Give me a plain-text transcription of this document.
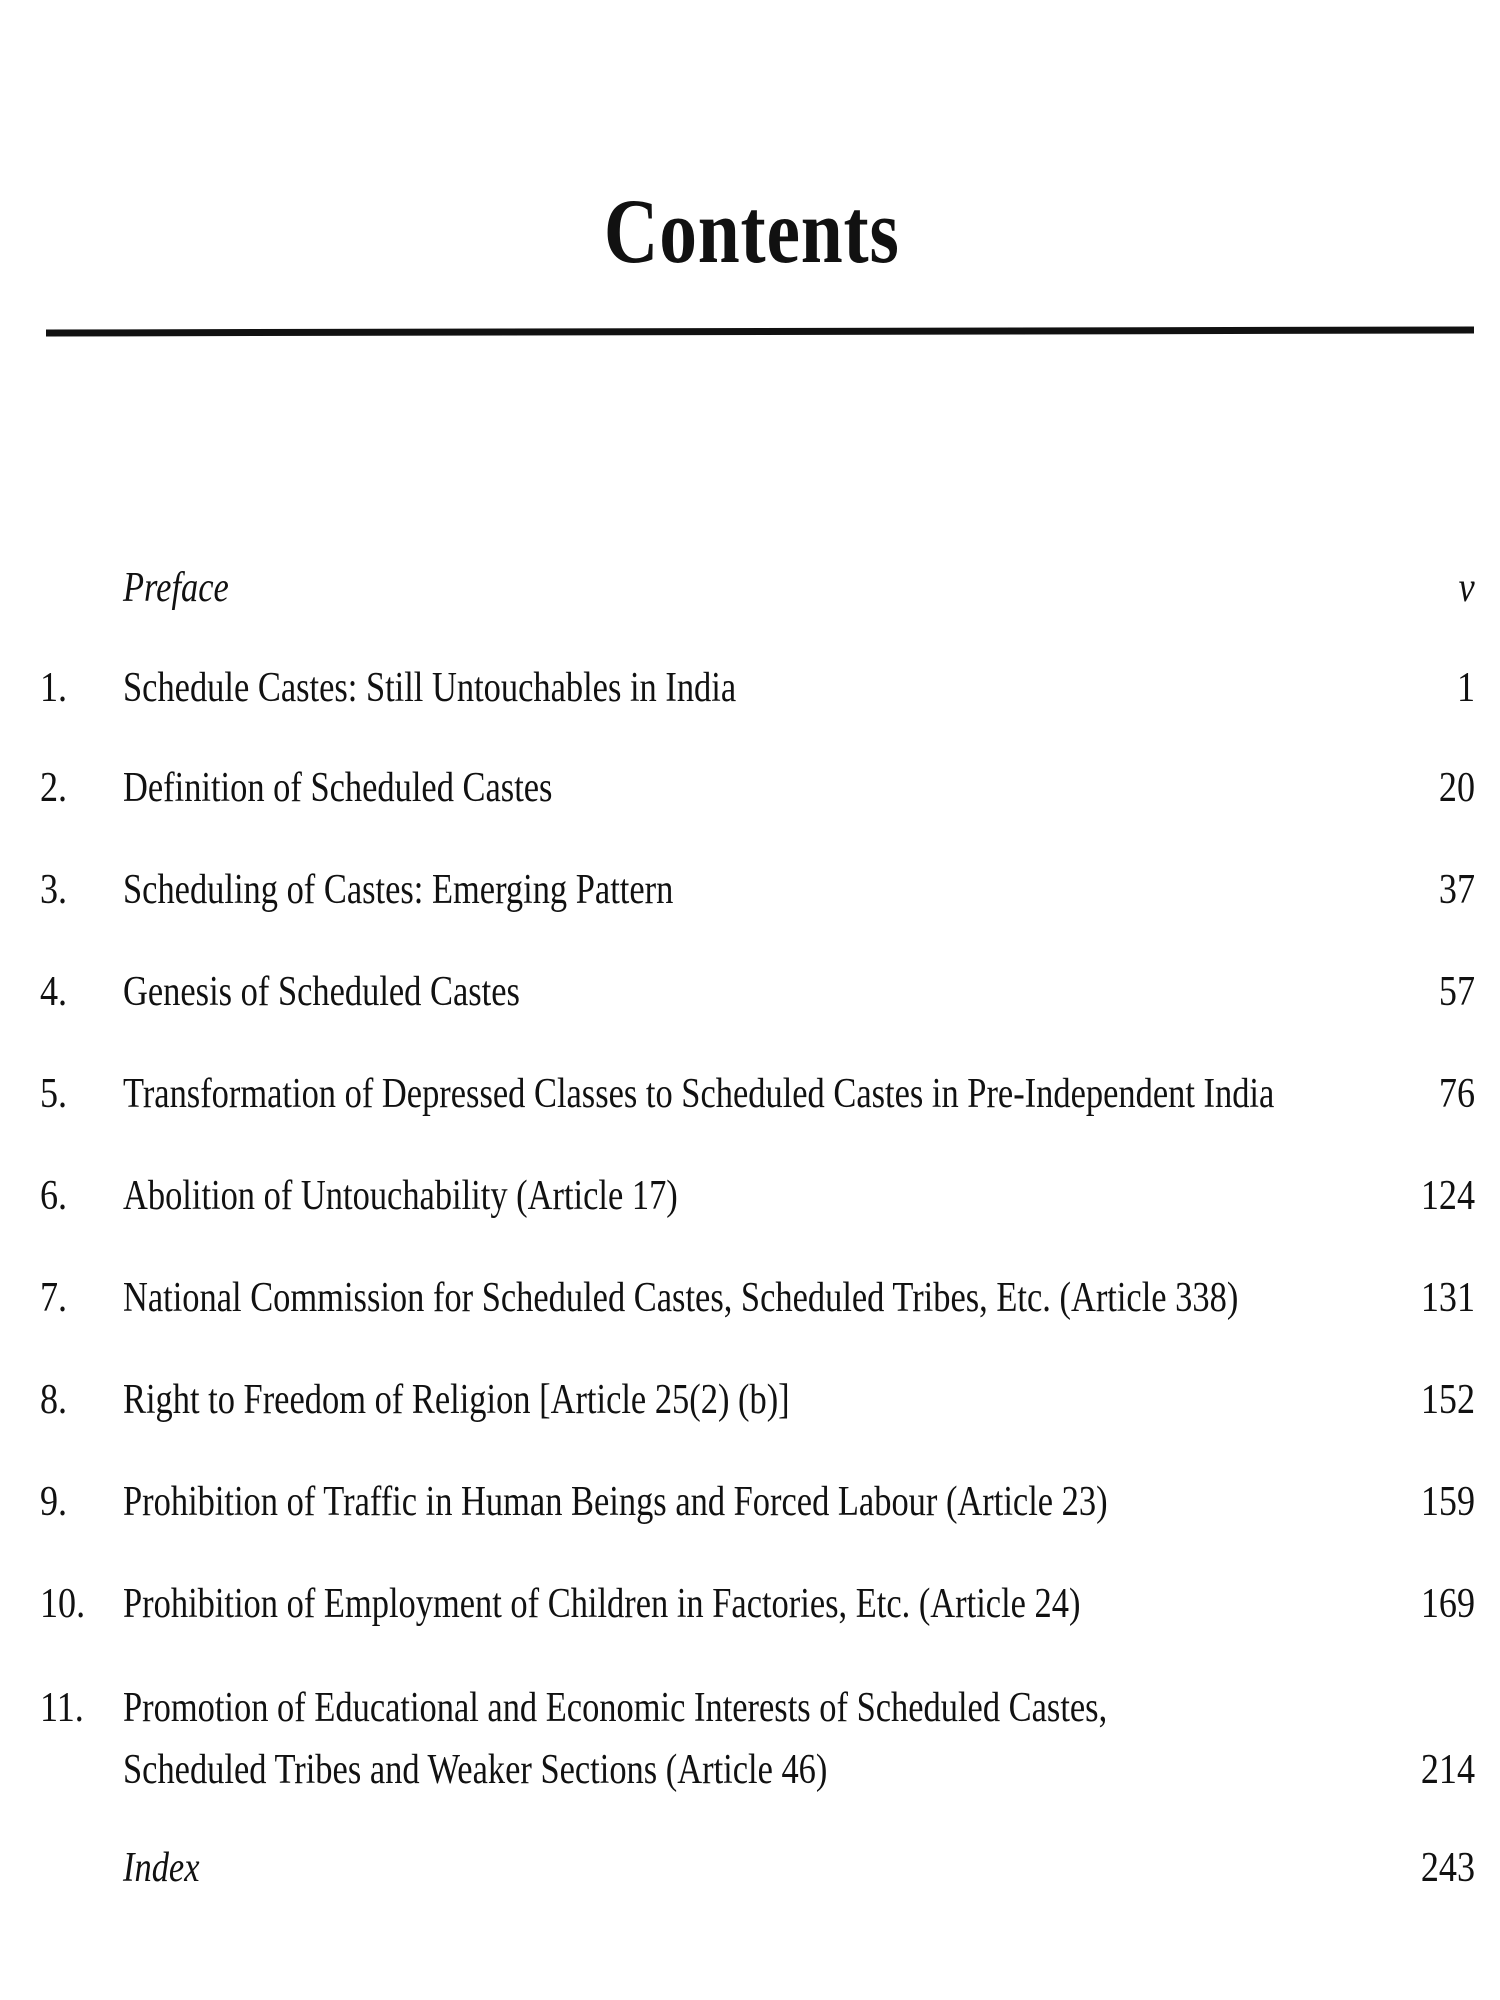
Contents
Preface	v
1.	Schedule Castes: Still Untouchables in India	1
2.	Definition of Scheduled Castes	20
3.	Scheduling of Castes: Emerging Pattern	37
4.	Genesis of Scheduled Castes	57
5.	Transformation of Depressed Classes to Scheduled Castes in Pre-Independent India	76
6.	Abolition of Untouchability (Article 17)	124
7.	National Commission for Scheduled Castes, Scheduled Tribes, Etc. (Article 338)	131
8.	Right to Freedom of Religion [Article 25(2) (b)]	152
9.	Prohibition of Traffic in Human Beings and Forced Labour (Article 23)	159
10. Prohibition of Employment of Children in Factories, Etc. (Article 24)	169
11. Promotion of Educational and Economic Interests of Scheduled Castes,
Scheduled Tribes and Weaker Sections (Article 46)	214
Index	243
